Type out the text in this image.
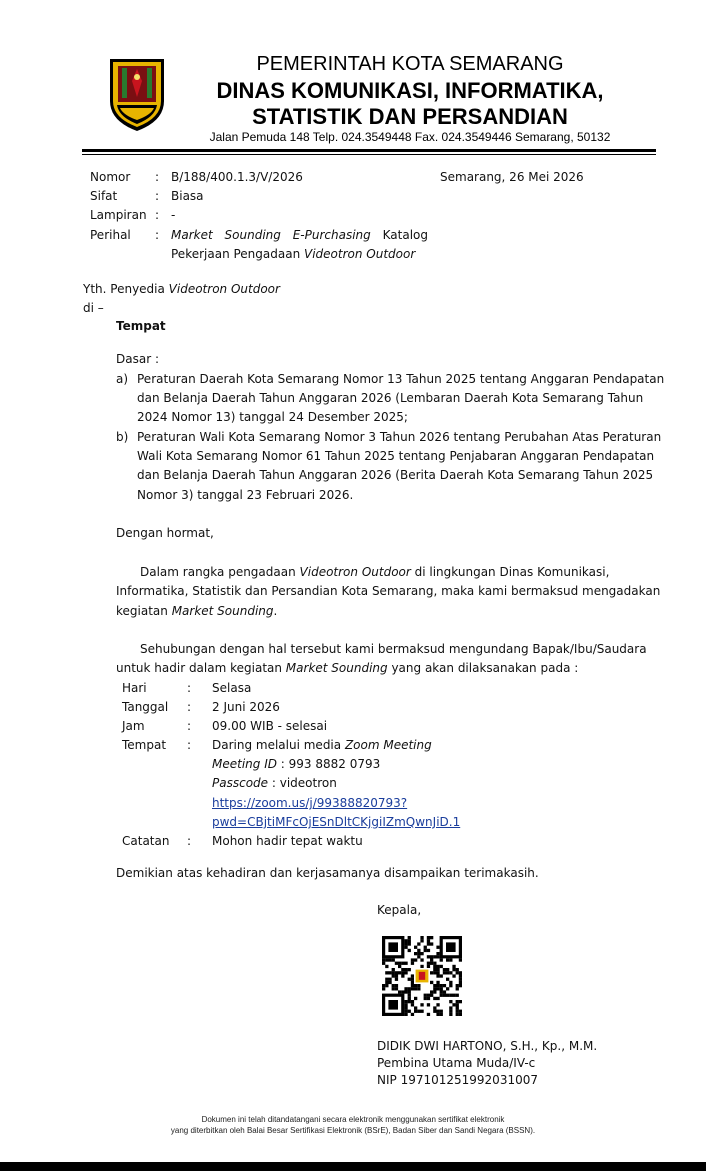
PEMERINTAH KOTA SEMARANG
DINAS KOMUNIKASI, INFORMATIKA,
STATISTIK DAN PERSANDIAN
Jalan Pemuda 148 Telp. 024.3549448 Fax. 024.3549446 Semarang, 50132
Nomor : B/188/400.1.3/V/2026	Semarang, 26 Mei 2026
Sifat	: Biasa
Lampiran : -
Perihal : Market Sounding E-Purchasing Katalog
Pekerjaan Pengadaan Videotron Outdoor
Yth. Penyedia Videotron Outdoor
di –
Tempat
Dasar :
a) Peraturan Daerah Kota Semarang Nomor 13 Tahun 2025 tentang Anggaran Pendapatan
dan Belanja Daerah Tahun Anggaran 2026 (Lembaran Daerah Kota Semarang Tahun
2024 Nomor 13) tanggal 24 Desember 2025;
b) Peraturan Wali Kota Semarang Nomor 3 Tahun 2026 tentang Perubahan Atas Peraturan
Wali Kota Semarang Nomor 61 Tahun 2025 tentang Penjabaran Anggaran Pendapatan
dan Belanja Daerah Tahun Anggaran 2026 (Berita Daerah Kota Semarang Tahun 2025
Nomor 3) tanggal 23 Februari 2026.
Dengan hormat,
Dalam rangka pengadaan Videotron Outdoor di lingkungan Dinas Komunikasi,
Informatika, Statistik dan Persandian Kota Semarang, maka kami bermaksud mengadakan
kegiatan Market Sounding.
Sehubungan dengan hal tersebut kami bermaksud mengundang Bapak/Ibu/Saudara
untuk hadir dalam kegiatan Market Sounding yang akan dilaksanakan pada :
Hari	: Selasa
Tanggal : 2 Juni 2026
Jam	: 09.00 WIB - selesai
Tempat : Daring melalui media Zoom Meeting
Meeting ID : 993 8882 0793
Passcode : videotron
https://zoom.us/j/99388820793?
pwd=CBjtiMFcOjESnDltCKjgiIZmQwnJiD.1
Catatan : Mohon hadir tepat waktu
Demikian atas kehadiran dan kerjasamanya disampaikan terimakasih.
Kepala,
DIDIK DWI HARTONO, S.H., Kp., M.M.
Pembina Utama Muda/IV-c
NIP 197101251992031007
Dokumen ini telah ditandatangani secara elektronik menggunakan sertifikat elektronik
yang diterbitkan oleh Balai Besar Sertifikasi Elektronik (BSrE), Badan Siber dan Sandi Negara (BSSN).
